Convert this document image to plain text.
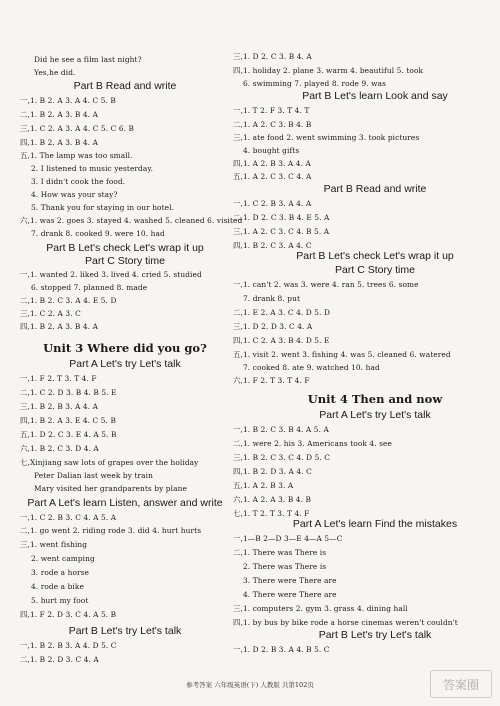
Did he see a film last night?
Yes,he did.
Part B Read and write
一,1. B 2. A 3. A 4. C 5. B
二,1. B 2. A 3. B 4. A
三,1. C 2. A 3. A 4. C 5. C 6. B
四,1. B 2. A 3. B 4. A
五,1. The lamp was too small.
2. I listened to music yesterday.
3. I didn't cook the food.
4. How was your stay?
5. Thank you for staying in our hotel.
六,1. was 2. goes 3. stayed 4. washed 5. cleaned 6. visited
7. drank 8. cooked 9. were 10. had
Part B Let's check Let's wrap it up
Part C Story time
一,1. wanted 2. liked 3. lived 4. cried 5. studied
6. stopped 7. planned 8. made
二,1. B 2. C 3. A 4. E 5. D
三,1. C 2. A 3. C
四,1. B 2. A 3. B 4. A
Unit 3 Where did you go?
Part A Let's try Let's talk
一,1. F 2. T 3. T 4. F
二,1. C 2. D 3. B 4. B 5. E
三,1. B 2. B 3. A 4. A
四,1. B 2. A 3. E 4. C 5. B
五,1. D 2. C 3. E 4. A 5. B
六,1. B 2. C 3. D 4. A
七,Xinjiang saw lots of grapes over the holiday
Peter Dalian last week by train
Mary visited her grandparents by plane
Part A Let's learn Listen, answer and write
一,1. C 2. B 3. C 4. A 5. A
二,1. go went 2. riding rode 3. did 4. hurt hurts
三,1. went fishing
2. went camping
3. rode a horse
4. rode a bike
5. hurt my foot
四,1. F 2. D 3. C 4. A 5. B
Part B Let's try Let's talk
一,1. B 2. B 3. A 4. D 5. C
二,1. B 2. D 3. C 4. A
三,1. D 2. C 3. B 4. A
四,1. holiday 2. plane 3. warm 4. beautiful 5. took
6. swimming 7. played 8. rode 9. was
Part B Let's learn Look and say
一,1. T 2. F 3. T 4. T
二,1. A 2. C 3. B 4. B
三,1. ate food 2. went swimming 3. took pictures
4. bought gifts
四,1. A 2. B 3. A 4. A
五,1. A 2. C 3. C 4. A
Part B Read and write
一,1. C 2. B 3. A 4. A
二,1. D 2. C 3. B 4. E 5. A
三,1. A 2. C 3. C 4. B 5. A
四,1. B 2. C 3. A 4. C
Part B Let's check Let's wrap it up
Part C Story time
一,1. can't 2. was 3. were 4. ran 5. trees 6. some
7. drank 8. put
二,1. E 2. A 3. C 4. D 5. D
三,1. D 2. D 3. C 4. A
四,1. C 2. A 3. B 4. D 5. E
五,1. visit 2. went 3. fishing 4. was 5. cleaned 6. watered
7. cooked 8. ate 9. watched 10. had
六,1. F 2. T 3. T 4. F
Unit 4 Then and now
Part A Let's try Let's talk
一,1. B 2. C 3. B 4. A 5. A
二,1. were 2. his 3. Americans took 4. see
三,1. B 2. C 3. C 4. D 5. C
四,1. B 2. D 3. A 4. C
五,1. A 2. B 3. A
六,1. A 2. A 3. B 4. B
七,1. T 2. T 3. T 4. F
Part A Let's learn Find the mistakes
一,1—B 2—D 3—E 4—A 5—C
二,1. There was There is
2. There was There is
3. There were There are
4. There were There are
三,1. computers 2. gym 3. grass 4. dining hall
四,1. by bus by bike rode a horse cinemas weren't couldn't
Part B Let's try Let's talk
一,1. D 2. B 3. A 4. B 5. C
参考答案 六年级英语(下) 人教版 共第102页	答案圈
